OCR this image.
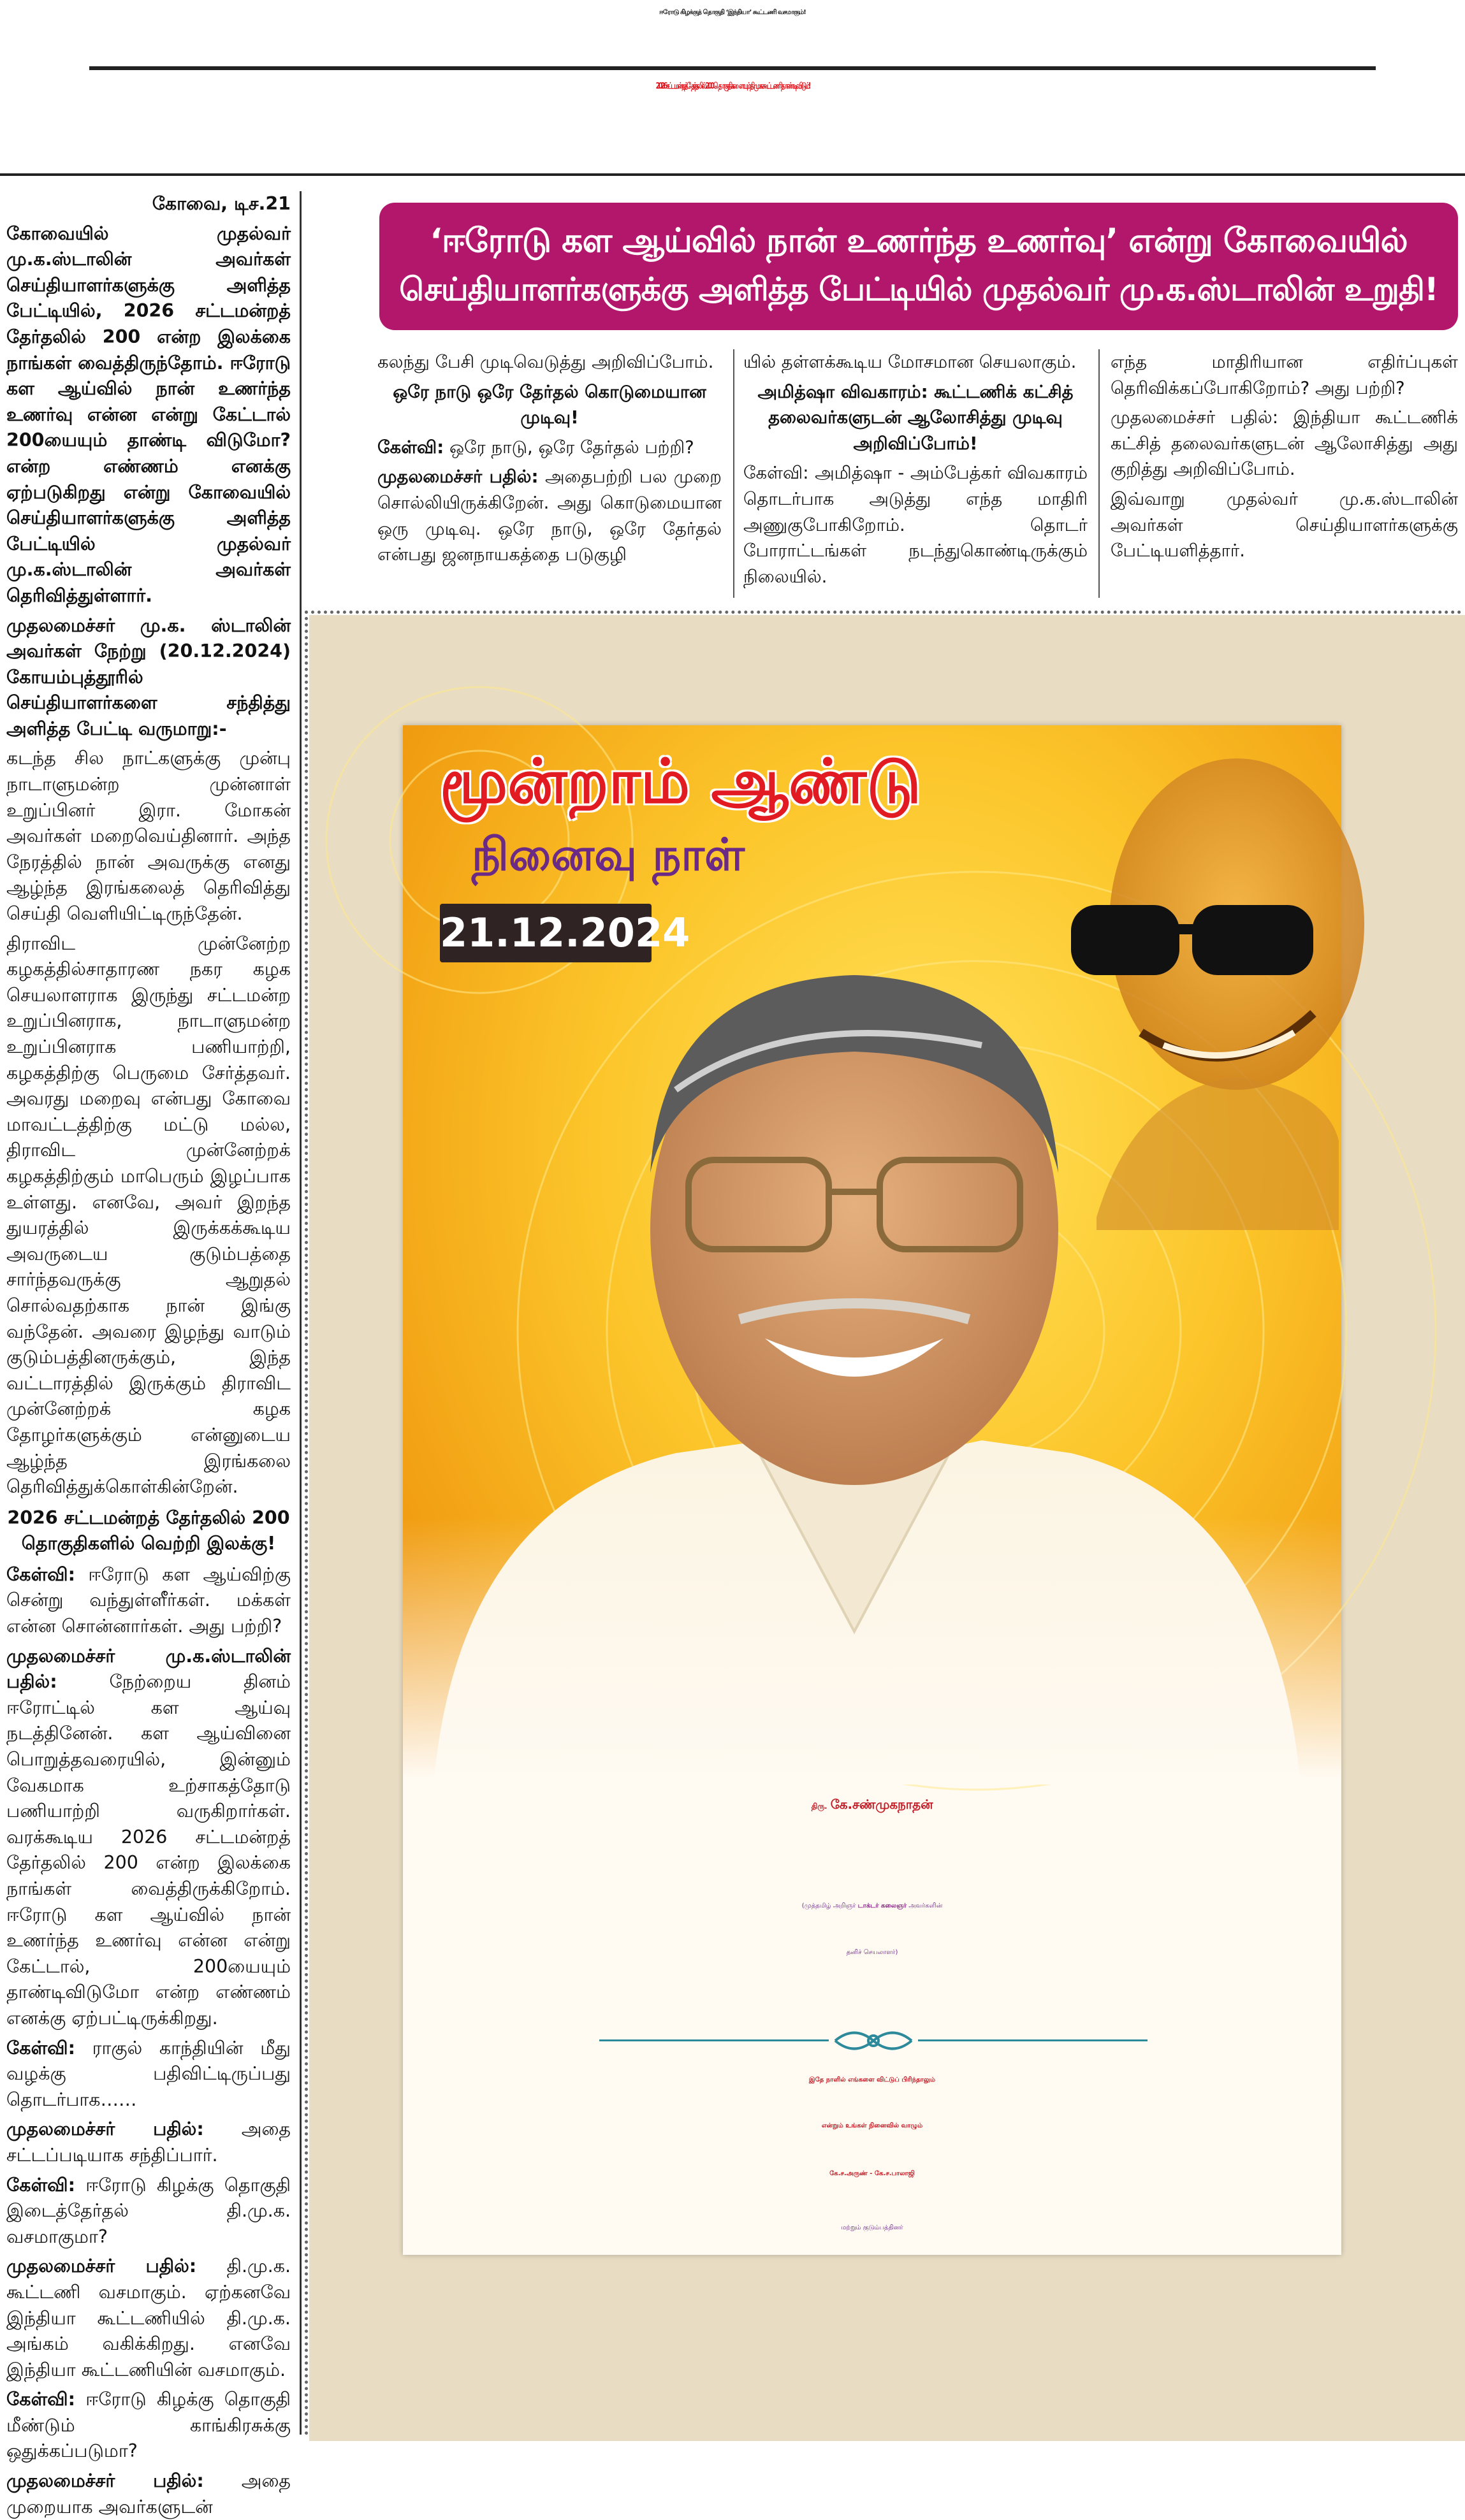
ஈரோடு கிழக்குத் தொகுதி ‘இந்தியா’ கூட்டணி வசமாகும்!
2026 சட்டமன்றத் தேர்தலில் 200 தொகுதிகளையும் தி.மு.க. கூட்டணி தாண்டிவிடும்!

கோவை, டிச.21

கோவையில் முதல்வர் மு.க.ஸ்டாலின் அவர்கள் செய்தியாளர்களுக்கு அளித்த பேட்டியில், 2026 சட்டமன்றத் தேர்தலில் 200 என்ற இலக்கை நாங்கள் வைத்திருந்தோம். ஈரோடு கள ஆய்வில் நான் உணர்ந்த உணர்வு என்ன என்று கேட்டால் 200யையும் தாண்டி விடுமோ? என்ற எண்ணம் எனக்கு ஏற்படுகிறது என்று கோவையில் செய்தியாளர்களுக்கு அளித்த பேட்டியில் முதல்வர் மு.க.ஸ்டாலின் அவர்கள் தெரிவித்துள்ளார்.

முதலமைச்சர் மு.க. ஸ்டாலின் அவர்கள் நேற்று (20.12.2024) கோயம்புத்தூரில் செய்தியாளர்களை சந்தித்து அளித்த பேட்டி வருமாறு:-

கடந்த சில நாட்களுக்கு முன்பு நாடாளுமன்ற முன்னாள் உறுப்பினர் இரா. மோகன் அவர்கள் மறைவெய்தினார். அந்த நேரத்தில் நான் அவருக்கு எனது ஆழ்ந்த இரங்கலைத் தெரிவித்து செய்தி வெளியிட்டிருந்தேன்.

திராவிட முன்னேற்ற கழகத்தில்சாதாரண நகர கழக செயலாளராக இருந்து சட்டமன்ற உறுப்பினராக, நாடாளுமன்ற உறுப்பினராக பணியாற்றி, கழகத்திற்கு பெருமை சேர்த்தவர். அவரது மறைவு என்பது கோவை மாவட்டத்திற்கு மட்டு மல்ல, திராவிட முன்னேற்றக் கழகத்திற்கும் மாபெரும் இழப்பாக உள்ளது. எனவே, அவர் இறந்த துயரத்தில் இருக்கக்கூடிய அவருடைய குடும்பத்தை சார்ந்தவருக்கு ஆறுதல் சொல்வதற்காக நான் இங்கு வந்தேன். அவரை இழந்து வாடும் குடும்பத்தினருக்கும், இந்த வட்டாரத்தில் இருக்கும் திராவிட முன்னேற்றக் கழக தோழர்களுக்கும் என்னுடைய ஆழ்ந்த இரங்கலை தெரிவித்துக்கொள்கின்றேன்.

2026 சட்டமன்றத் தேர்தலில் 200 தொகுதிகளில் வெற்றி இலக்கு!

கேள்வி: ஈரோடு கள ஆய்விற்கு சென்று வந்துள்ளீர்கள். மக்கள் என்ன சொன்னார்கள். அது பற்றி?

முதலமைச்சர் மு.க.ஸ்டாலின் பதில்:	நேற்றைய தினம் ஈரோட்டில் கள ஆய்வு நடத்தினேன். கள ஆய்வினை பொறுத்தவரையில், இன்னும் வேகமாக உற்சாகத்தோடு பணியாற்றி வருகிறார்கள். வரக்கூடிய 2026 சட்டமன்றத் தேர்தலில் 200 என்ற இலக்கை நாங்கள் வைத்திருக்கிறோம். ஈரோடு கள ஆய்வில் நான் உணர்ந்த உணர்வு என்ன என்று கேட்டால், 200யையும் தாண்டிவிடுமோ என்ற எண்ணம் எனக்கு ஏற்பட்டிருக்கிறது.

கேள்வி: ராகுல் காந்தியின் மீது வழக்கு பதிவிட்டிருப்பது தொடர்பாக……

முதலமைச்சர் பதில்: அதை சட்டப்படியாக சந்திப்பார்.

கேள்வி: ஈரோடு கிழக்கு தொகுதி இடைத்தேர்தல் தி.மு.க. வசமாகுமா?

முதலமைச்சர் பதில்: தி.மு.க. கூட்டணி வசமாகும். ஏற்கனவே இந்தியா கூட்டணியில் தி.மு.க. அங்கம் வகிக்கிறது. எனவே இந்தியா கூட்டணியின் வசமாகும்.

கேள்வி: ஈரோடு கிழக்கு தொகுதி மீண்டும் காங்கிரசுக்கு ஒதுக்கப்படுமா?

முதலமைச்சர் பதில்: அதை முறையாக அவர்களுடன்

‘ஈரோடு கள ஆய்வில் நான் உணர்ந்த உணர்வு’ என்று கோவையில்
செய்தியாளர்களுக்கு அளித்த பேட்டியில் முதல்வர் மு.க.ஸ்டாலின் உறுதி!

கலந்து பேசி முடிவெடுத்து அறிவிப்போம்.

ஒரே நாடு ஒரே தேர்தல் கொடுமையான முடிவு!

கேள்வி: ஒரே நாடு, ஒரே தேர்தல் பற்றி?

முதலமைச்சர் பதில்: அதைபற்றி பல முறை சொல்லியிருக்கிறேன். அது கொடுமையான ஒரு முடிவு. ஒரே நாடு, ஒரே தேர்தல் என்பது ஜனநாயகத்தை படுகுழி

யில் தள்ளக்கூடிய மோசமான செயலாகும்.

அமித்ஷா விவகாரம்: கூட்டணிக் கட்சித் தலைவர்களுடன் ஆலோசித்து முடிவு அறிவிப்போம்!

கேள்வி: அமித்ஷா - அம்பேத்கர் விவகாரம் தொடர்பாக அடுத்து எந்த மாதிரி அணுகுபோகிறோம். தொடர் போராட்டங்கள் நடந்துகொண்டிருக்கும் நிலையில்.

எந்த மாதிரியான எதிர்ப்புகள் தெரிவிக்கப்போகிறோம்? அது பற்றி?

முதலமைச்சர் பதில்: இந்தியா கூட்டணிக் கட்சித் தலைவர்களுடன் ஆலோசித்து அது குறித்து அறிவிப்போம்.

இவ்வாறு முதல்வர் மு.க.ஸ்டாலின் அவர்கள் செய்தியாளர்களுக்கு பேட்டியளித்தார்.

மூன்றாம் ஆண்டு
நினைவு நாள்
21.12.2024
திரு. கே.சண்முகநாதன்
(முத்தமிழ் அறிஞர் டாக்டர் கலைஞர் அவர்களின்
தனிச் செயலாளர்)
இதே நாளில் எங்களை விட்டுப் பிரிந்தாலும்
என்றும் உங்கள் நினைவில் வாழும்
கே.ச.அருண் - கே.ச.பாலாஜி
மற்றும் குடும்பத்தினர்
